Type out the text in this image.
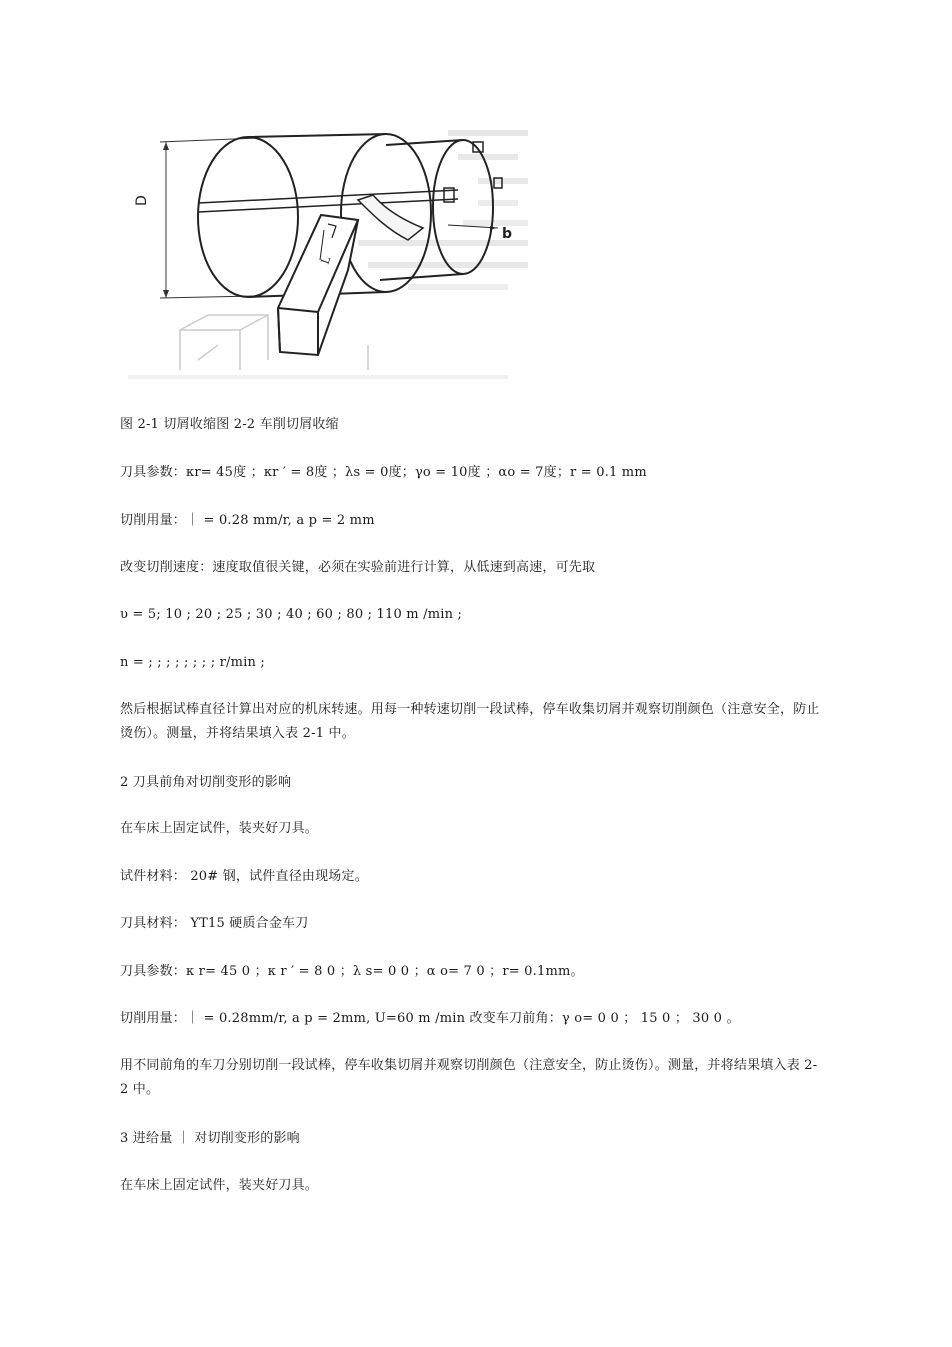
D
b
L
图 2-1 切屑收缩图 2-2 车削切屑收缩
刀具参数：κr= 45度 ；κr ′ = 8度 ；λs = 0度；γo = 10度 ；αo = 7度；r = 0.1 mm
切削用量：｜ = 0.28 mm/r, a p = 2 mm
改变切削速度：速度取值很关键，必须在实验前进行计算，从低速到高速，可先取
υ = 5; 10 ; 20 ; 25 ; 30 ; 40 ; 60 ; 80 ; 110 m /min ;
n = ; ; ; ; ; ; ; ; r/min ;
然后根据试棒直径计算出对应的机床转速。用每一种转速切削一段试棒，停车收集切屑并观察切削颜色（注意安全，防止烫伤）。测量，并将结果填入表 2-1 中。
2 刀具前角对切削变形的影响
在车床上固定试件，装夹好刀具。
试件材料： 20# 钢，试件直径由现场定。
刀具材料： YT15 硬质合金车刀
刀具参数：κ r= 45 0 ；κ r ′ = 8 0 ；λ s= 0 0 ；α o= 7 0 ；r= 0.1mm。
切削用量：｜ = 0.28mm/r, a p = 2mm, U=60 m /min 改变车刀前角：γ o= 0 0 ； 15 0 ； 30 0 。
用不同前角的车刀分别切削一段试棒，停车收集切屑并观察切削颜色（注意安全，防止烫伤）。测量，并将结果填入表 2-2 中。
3 进给量 ｜ 对切削变形的影响
在车床上固定试件，装夹好刀具。
